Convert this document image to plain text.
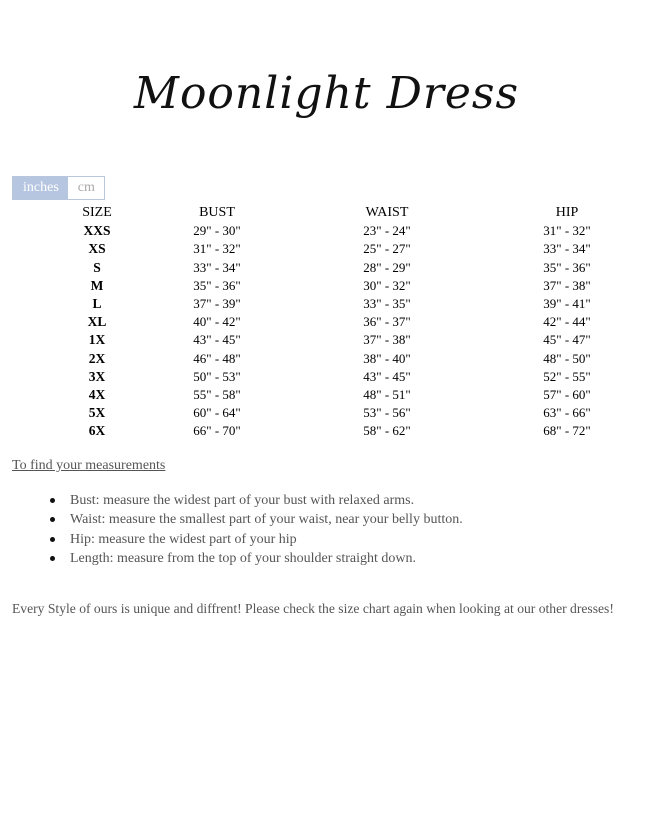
Moonlight Dress
inches	cm
SIZE	BUST	WAIST	HIP
XXS	29" - 30"	23" - 24"	31" - 32"
XS	31" - 32"	25" - 27"	33" - 34"
S	33" - 34"	28" - 29"	35" - 36"
M	35" - 36"	30" - 32"	37" - 38"
L	37" - 39"	33" - 35"	39" - 41"
XL	40" - 42"	36" - 37"	42" - 44"
1X	43" - 45"	37" - 38"	45" - 47"
2X	46" - 48"	38" - 40"	48" - 50"
3X	50" - 53"	43" - 45"	52" - 55"
4X	55" - 58"	48" - 51"	57" - 60"
5X	60" - 64"	53" - 56"	63" - 66"
6X	66" - 70"	58" - 62"	68" - 72"
To find your measurements
Bust: measure the widest part of your bust with relaxed arms.
Waist: measure the smallest part of your waist, near your belly button.
Hip: measure the widest part of your hip
Length: measure from the top of your shoulder straight down.
Every Style of ours is unique and diffrent! Please check the size chart again when looking at our other dresses!
